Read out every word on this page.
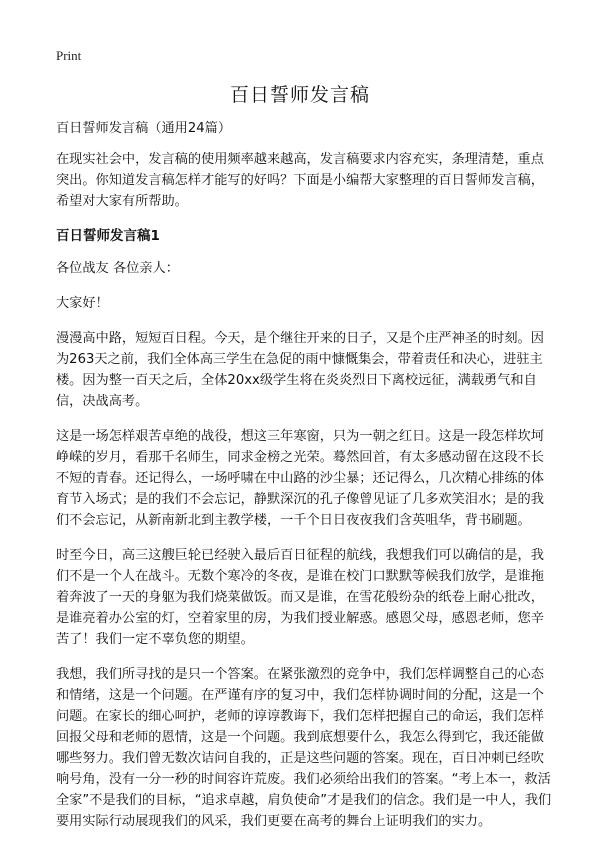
Print
百日誓师发言稿

百日誓师发言稿（通用24篇）

在现实社会中，发言稿的使用频率越来越高，发言稿要求内容充实，条理清楚，重点突出。你知道发言稿怎样才能写的好吗？下面是小编帮大家整理的百日誓师发言稿，希望对大家有所帮助。

百日誓师发言稿1

各位战友 各位亲人：

大家好！

漫漫高中路，短短百日程。今天，是个继往开来的日子，又是个庄严神圣的时刻。因为263天之前，我们全体高三学生在急促的雨中慷慨集会，带着责任和决心，进驻主楼。因为整一百天之后，全体20xx级学生将在炎炎烈日下离校远征，满载勇气和自信，决战高考。

这是一场怎样艰苦卓绝的战役，想这三年寒窗，只为一朝之红日。这是一段怎样坎坷峥嵘的岁月，看那千名师生，同求金榜之光荣。蓦然回首，有太多感动留在这段不长不短的青春。还记得么，一场呼啸在中山路的沙尘暴；还记得么，几次精心排练的体育节入场式；是的我们不会忘记，静默深沉的孔子像曾见证了几多欢笑泪水；是的我们不会忘记，从新南新北到主教学楼，一千个日日夜夜我们含英咀华，背书刷题。

时至今日，高三这艘巨轮已经驶入最后百日征程的航线，我想我们可以确信的是，我们不是一个人在战斗。无数个寒冷的冬夜，是谁在校门口默默等候我们放学，是谁拖着奔波了一天的身躯为我们烧菜做饭。而又是谁，在雪花般纷杂的纸卷上耐心批改，是谁亮着办公室的灯，空着家里的房，为我们授业解惑。感恩父母，感恩老师，您辛苦了！我们一定不辜负您的期望。

我想，我们所寻找的是只一个答案。在紧张激烈的竞争中，我们怎样调整自己的心态和情绪，这是一个问题。在严谨有序的复习中，我们怎样协调时间的分配，这是一个问题。在家长的细心呵护，老师的谆谆教诲下，我们怎样把握自己的命运，我们怎样回报父母和老师的恩情，这是一个问题。我到底想要什么，我怎么得到它，我还能做哪些努力。我们曾无数次诘问自我的，正是这些问题的答案。现在，百日冲刺已经吹响号角，没有一分一秒的时间容许荒废。我们必须给出我们的答案。“考上本一，救活全家”不是我们的目标，“追求卓越，肩负使命”才是我们的信念。我们是一中人，我们要用实际行动展现我们的风采，我们更要在高考的舞台上证明我们的实力。
